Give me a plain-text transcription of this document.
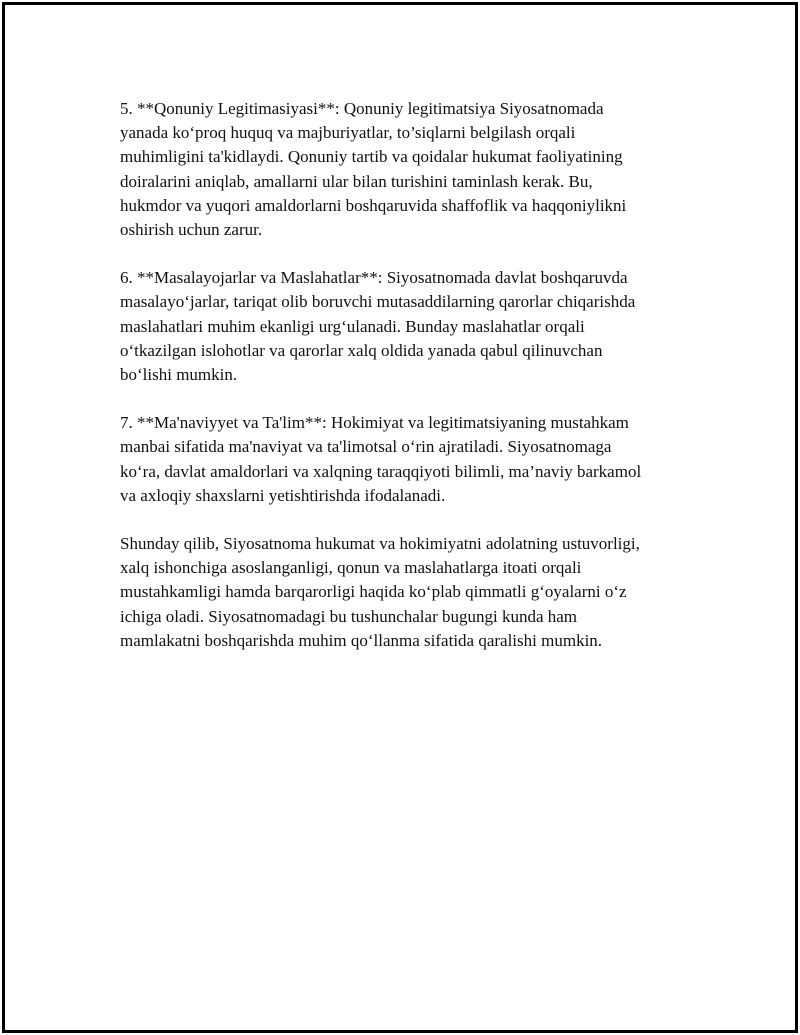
5. **Qonuniy Legitimasiyasi**: Qonuniy legitimatsiya Siyosatnomada
yanada ko‘proq huquq va majburiyatlar, to’siqlarni belgilash orqali
muhimligini ta'kidlaydi. Qonuniy tartib va qoidalar hukumat faoliyatining
doiralarini aniqlab, amallarni ular bilan turishini taminlash kerak. Bu,
hukmdor va yuqori amaldorlarni boshqaruvida shaffoflik va haqqoniylikni
oshirish uchun zarur.

6. **Masalayojarlar va Maslahatlar**: Siyosatnomada davlat boshqaruvda
masalayo‘jarlar, tariqat olib boruvchi mutasaddilarning qarorlar chiqarishda
maslahatlari muhim ekanligi urg‘ulanadi. Bunday maslahatlar orqali
o‘tkazilgan islohotlar va qarorlar xalq oldida yanada qabul qilinuvchan
bo‘lishi mumkin.

7. **Ma'naviyyet va Ta'lim**: Hokimiyat va legitimatsiyaning mustahkam
manbai sifatida ma'naviyat va ta'limotsal o‘rin ajratiladi. Siyosatnomaga
ko‘ra, davlat amaldorlari va xalqning taraqqiyoti bilimli, ma’naviy barkamol
va axloqiy shaxslarni yetishtirishda ifodalanadi.

Shunday qilib, Siyosatnoma hukumat va hokimiyatni adolatning ustuvorligi,
xalq ishonchiga asoslanganligi, qonun va maslahatlarga itoati orqali
mustahkamligi hamda barqarorligi haqida ko‘plab qimmatli g‘oyalarni o‘z
ichiga oladi. Siyosatnomadagi bu tushunchalar bugungi kunda ham
mamlakatni boshqarishda muhim qo‘llanma sifatida qaralishi mumkin.
